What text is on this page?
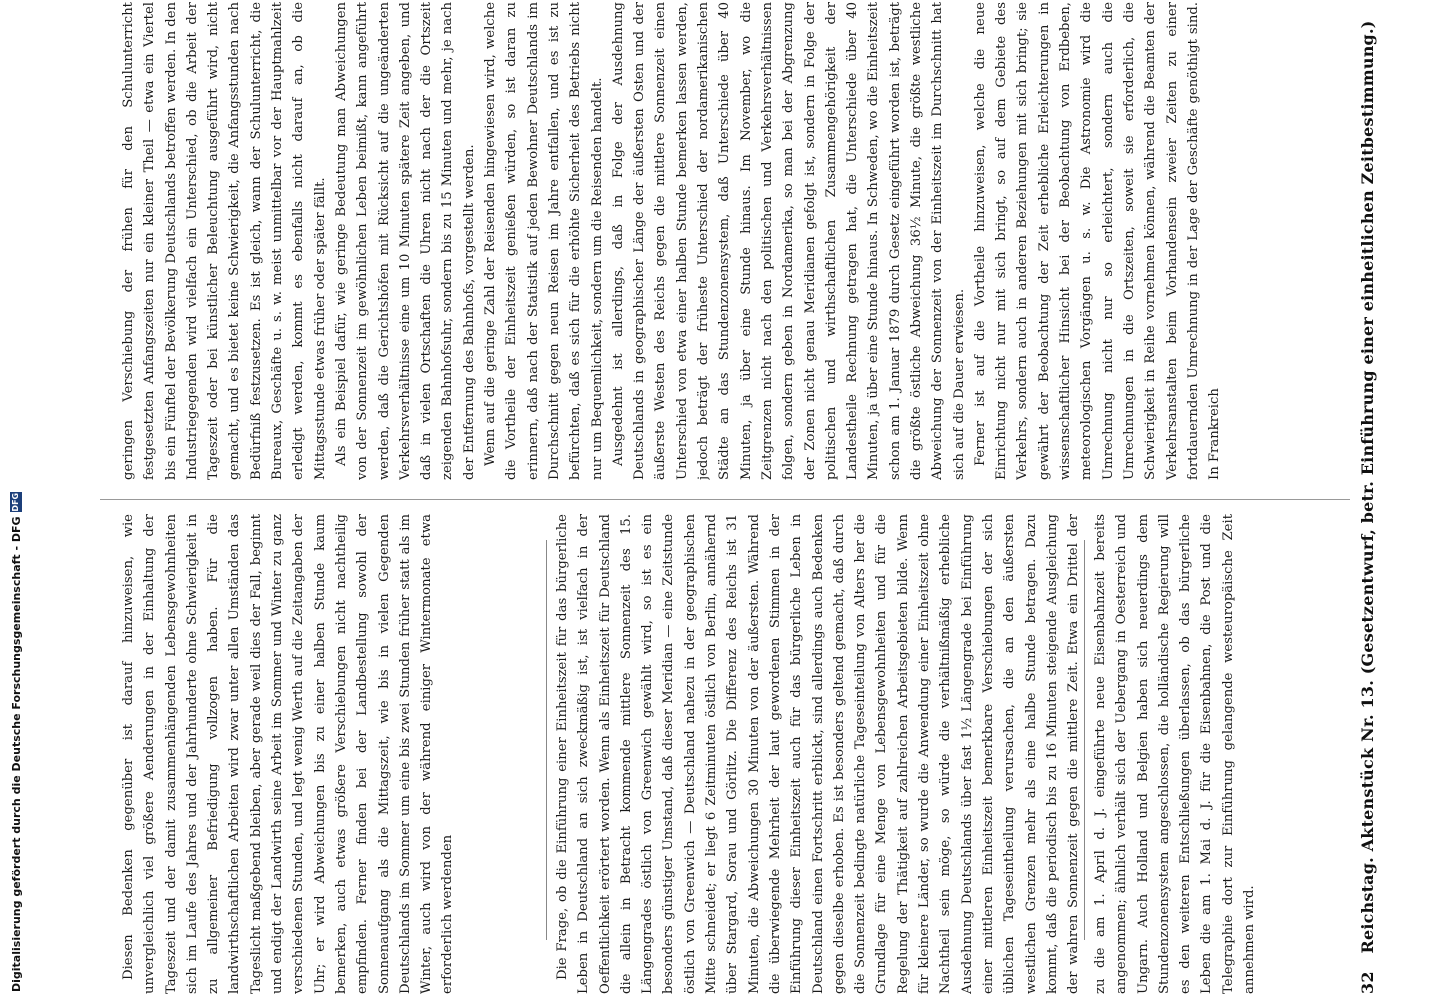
32 Reichstag. Aktenstück Nr. 13. (Gesetzentwurf, betr. Einführung einer einheitlichen Zeitbestimmung.)

zu die am 1. April d. J. eingeführte neue Eisenbahnzeit bereits angenommen; ähnlich verhält sich der Uebergang in Oesterreich und Ungarn. Auch Holland und Belgien haben sich neuerdings dem Stundenzonensystem angeschlossen, die holländische Regierung will es den weiteren Entschließungen überlassen, ob das bürgerliche Leben die am 1. Mai d. J. für die Eisenbahnen, die Post und die Telegraphie dort zur Einführung gelangende westeuropäische Zeit annehmen wird.

Die Frage, ob die Einführung einer Einheitszeit für das bürgerliche Leben in Deutschland an sich zweckmäßig ist, ist vielfach in der Oeffentlichkeit erörtert worden. Wenn als Einheitszeit für Deutschland die allein in Betracht kommende mittlere Sonnenzeit des 15. Längengrades östlich von Greenwich gewählt wird, so ist es ein besonders günstiger Umstand, daß dieser Meridian — eine Zeitstunde östlich von Greenwich — Deutschland nahezu in der geographischen Mitte schneidet; er liegt 6 Zeitminuten östlich von Berlin, annähernd über Stargard, Sorau und Görlitz. Die Differenz des Reichs ist 31 Minuten, die Abweichungen 30 Minuten von der äußersten. Während die überwiegende Mehrheit der laut gewordenen Stimmen in der Einführung dieser Einheitszeit auch für das bürgerliche Leben in Deutschland einen Fortschritt erblickt, sind allerdings auch Bedenken gegen dieselbe erhoben. Es ist besonders geltend gemacht, daß durch die Sonnenzeit bedingte natürliche Tageseinteilung von Alters her die Grundlage für eine Menge von Lebensgewohnheiten und für die Regelung der Thätigkeit auf zahlreichen Arbeitsgebieten bilde. Wenn für kleinere Länder, so wurde die Anwendung einer Einheitszeit ohne Nachtheil sein möge, so würde die verhältnißmäßig erhebliche Ausdehnung Deutschlands über fast 1½ Längengrade bei Einführung einer mittleren Einheitszeit bemerkbare Verschiebungen der sich üblichen Tageseintheilung verursachen, die an den äußersten westlichen Grenzen mehr als eine halbe Stunde betragen. Dazu kommt, daß die periodisch bis zu 16 Minuten steigende Ausgleichung der wahren Sonnenzeit gegen die mittlere Zeit. Etwa ein Drittel der

Diesen Bedenken gegenüber ist darauf hinzuweisen, wie unvergleichlich viel größere Aenderungen in der Einhaltung der Tageszeit und der damit zusammenhängenden Lebensgewohnheiten sich im Laufe des Jahres und der Jahrhunderte ohne Schwierigkeit in zu allgemeiner Befriedigung vollzogen haben. Für die landwirthschaftlichen Arbeiten wird zwar unter allen Umständen das Tageslicht maßgebend bleiben, aber gerade weil dies der Fall, beginnt und endigt der Landwirth seine Arbeit im Sommer und Winter zu ganz verschiedenen Stunden, und legt wenig Werth auf die Zeitangaben der Uhr; er wird Abweichungen bis zu einer halben Stunde kaum bemerken, auch etwas größere Verschiebungen nicht nachtheilig empfinden. Ferner finden bei der Landbestellung sowohl der Sonnenaufgang als die Mittagszeit, wie bis in vielen Gegenden Deutschlands im Sommer um eine bis zwei Stunden früher statt als im Winter, auch wird von der während einiger Wintermonate etwa erforderlich werdenden

geringen Verschiebung der frühen für den Schulunterricht festgesetzten Anfangszeiten nur ein kleiner Theil — etwa ein Viertel bis ein Fünftel der Bevölkerung Deutschlands betroffen werden. In den Industriegegenden wird vielfach ein Unterschied, ob die Arbeit der Tageszeit oder bei künstlicher Beleuchtung ausgeführt wird, nicht gemacht, und es bietet keine Schwierigkeit, die Anfangsstunden nach Bedürfniß festzusetzen. Es ist gleich, wann der Schulunterricht, die Bureaux, Geschäfte u. s. w. meist unmittelbar vor der Hauptmahlzeit erledigt werden, kommt es ebenfalls nicht darauf an, ob die Mittagsstunde etwas früher oder später fällt. Als ein Beispiel dafür, wie geringe Bedeutung man Abweichungen von der Sonnenzeit im gewöhnlichen Leben beimißt, kann angeführt werden, daß die Gerichtshöfen mit Rücksicht auf die ungeänderten Verkehrsverhältnisse eine um 10 Minuten spätere Zeit angeben, und daß in vielen Ortschaften die Uhren nicht nach der die Ortszeit zeigenden Bahnhofsuhr, sondern bis zu 15 Minuten und mehr, je nach der Entfernung des Bahnhofs, vorgestellt werden. Wenn auf die geringe Zahl der Reisenden hingewiesen wird, welche die Vortheile der Einheitszeit genießen würden, so ist daran zu erinnern, daß nach der Statistik auf jeden Bewohner Deutschlands im Durchschnitt gegen neun Reisen im Jahre entfallen, und es ist zu befürchten, daß es sich für die erhöhte Sicherheit des Betriebs nicht nur um Bequemlichkeit, sondern um die Reisenden handelt. Ausgedehnt ist allerdings, daß in Folge der Ausdehnung Deutschlands in geographischer Länge der äußersten Osten und der äußerste Westen des Reichs gegen die mittlere Sonnenzeit einen Unterschied von etwa einer halben Stunde bemerken lassen werden, jedoch beträgt der früheste Unterschied der nordamerikanischen Städte an das Stundenzonensystem, daß Unterschiede über 40 Minuten, ja über eine Stunde hinaus. Im November, wo die Zeitgrenzen nicht nach den politischen und Verkehrsverhältnissen folgen, sondern geben in Nordamerika, so man bei der Abgrenzung der Zonen nicht genau Meridianen gefolgt ist, sondern in Folge der politischen und wirthschaftlichen Zusammengehörigkeit der Landestheile Rechnung getragen hat, die Unterschiede über 40 Minuten, ja über eine Stunde hinaus. In Schweden, wo die Einheitszeit schon am 1. Januar 1879 durch Gesetz eingeführt worden ist, beträgt die größte östliche Abweichung 36½ Minute, die größte westliche Abweichung der Sonnenzeit von der Einheitszeit im Durchschnitt hat sich auf die Dauer erwiesen. Ferner ist auf die Vortheile hinzuweisen, welche die neue Einrichtung nicht nur mit sich bringt, so auf dem Gebiete des Verkehrs, sondern auch in anderen Beziehungen mit sich bringt; sie gewährt der Beobachtung der Zeit erhebliche Erleichterungen in wissenschaftlicher Hinsicht bei der Beobachtung von Erdbeben, meteorologischen Vorgängen u. s. w. Die Astronomie wird die Umrechnung nicht nur so erleichtert, sondern auch die Umrechnungen in die Ortszeiten, soweit sie erforderlich, die Schwierigkeit in Reihe vornehmen können, während die Beamten der Verkehrsanstalten beim Vorhandensein zweier Zeiten zu einer fortdauernden Umrechnung in der Lage der Geschäfte genöthigt sind. In Frankreich

Digitalisierung gefördert durch die Deutsche Forschungsgemeinschaft - DFG
DFG
